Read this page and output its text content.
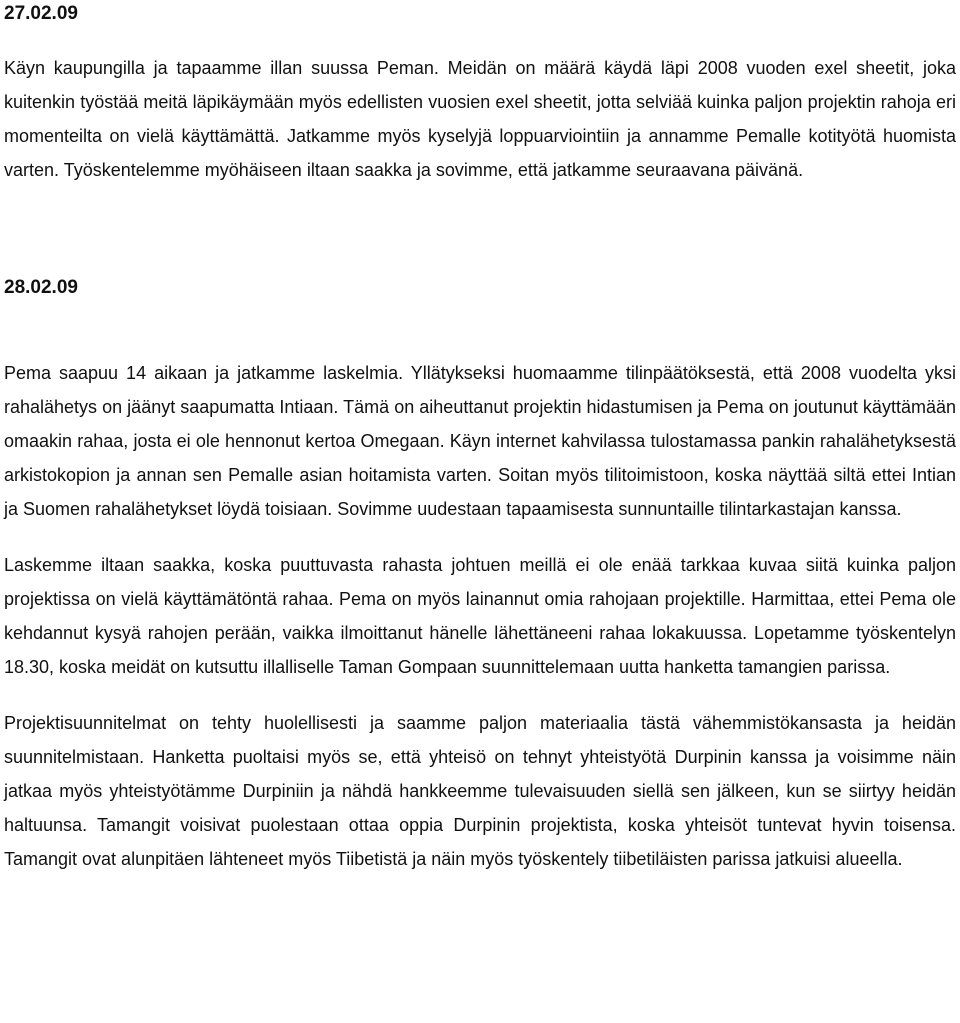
27.02.09

Käyn kaupungilla ja tapaamme illan suussa Peman. Meidän on määrä käydä läpi 2008 vuoden exel sheetit, joka kuitenkin työstää meitä läpikäymään myös edellisten vuosien exel sheetit, jotta selviää kuinka paljon projektin rahoja eri momenteilta on vielä käyttämättä. Jatkamme myös kyselyjä loppuarviointiin ja annamme Pemalle kotityötä huomista varten. Työskentelemme myöhäiseen iltaan saakka ja sovimme, että jatkamme seuraavana päivänä.

28.02.09

Pema saapuu 14 aikaan ja jatkamme laskelmia. Yllätykseksi huomaamme tilinpäätöksestä, että 2008 vuodelta yksi rahalähetys on jäänyt saapumatta Intiaan. Tämä on aiheuttanut projektin hidastumisen ja Pema on joutunut käyttämään omaakin rahaa, josta ei ole hennonut kertoa Omegaan. Käyn internet kahvilassa tulostamassa pankin rahalähetyksestä arkistokopion ja annan sen Pemalle asian hoitamista varten. Soitan myös tilitoimistoon, koska näyttää siltä ettei Intian ja Suomen rahalähetykset löydä toisiaan. Sovimme uudestaan tapaamisesta sunnuntaille tilintarkastajan kanssa.

Laskemme iltaan saakka, koska puuttuvasta rahasta johtuen meillä ei ole enää tarkkaa kuvaa siitä kuinka paljon projektissa on vielä käyttämätöntä rahaa. Pema on myös lainannut omia rahojaan projektille. Harmittaa, ettei Pema ole kehdannut kysyä rahojen perään, vaikka ilmoittanut hänelle lähettäneeni rahaa lokakuussa. Lopetamme työskentelyn 18.30, koska meidät on kutsuttu illalliselle Taman Gompaan suunnittelemaan uutta hanketta tamangien parissa.

Projektisuunnitelmat on tehty huolellisesti ja saamme paljon materiaalia tästä vähemmistökansasta ja heidän suunnitelmistaan. Hanketta puoltaisi myös se, että yhteisö on tehnyt yhteistyötä Durpinin kanssa ja voisimme näin jatkaa myös yhteistyötämme Durpiniin ja nähdä hankkeemme tulevaisuuden siellä sen jälkeen, kun se siirtyy heidän haltuunsa. Tamangit voisivat puolestaan ottaa oppia Durpinin projektista, koska yhteisöt tuntevat hyvin toisensa. Tamangit ovat alunpitäen lähteneet myös Tiibetistä ja näin myös työskentely tiibetiläisten parissa jatkuisi alueella.
